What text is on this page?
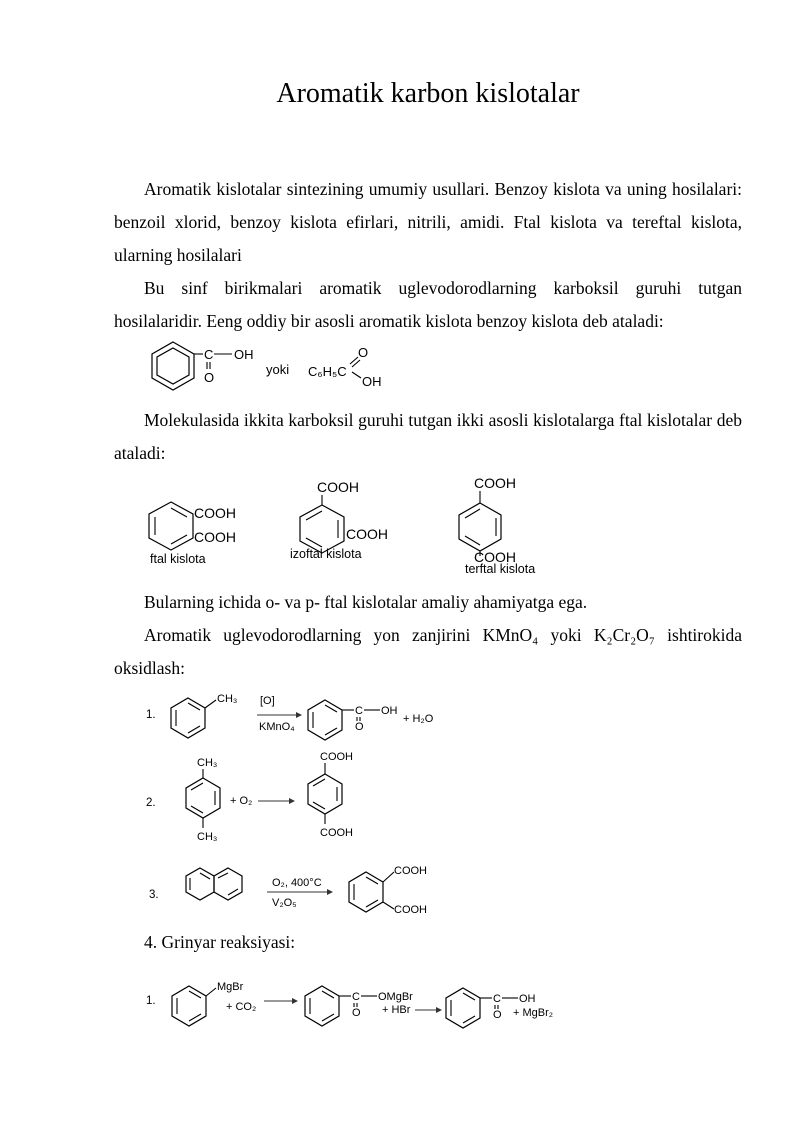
Aromatik karbon kislotalar

Aromatik kislotalar sintezining umumiy usullari. Benzoy kislota va uning hosilalari: benzoil xlorid, benzoy kislota efirlari, nitrili, amidi. Ftal kislota va tereftal kislota, ularning hosilalari

Bu sinf birikmalari aromatik uglevodorodlarning karboksil guruhi tutgan hosilalaridir. Eeng oddiy bir asosli aromatik kislota benzoy kislota deb ataladi:

C OH
O
yoki C₆H₅C
O
OH

Molekulasida ikkita karboksil guruhi tutgan ikki asosli kislotalarga ftal kislotalar deb ataladi:

COOH
COOH
ftal kislota
COOH
COOH
izoftal kislota
COOH
COOH
terftal kislota

Bularning ichida o- va p- ftal kislotalar amaliy ahamiyatga ega.

Aromatik uglevodorodlarning yon zanjirini KMnO₄ yoki K₂Cr₂O₇ ishtirokida oksidlash:

1.
CH₃ [O]
KMnO₄
C OH
O
+ H₂O
2.
CH₃
CH₃
+ O₂
COOH
COOH
3.
O₂, 400°C
V₂O₅
COOH
COOH

4. Grinyar reaksiyasi:

1.
MgBr
+ CO₂
C OMgBr
O + HBr
C OH
O + MgBr₂
